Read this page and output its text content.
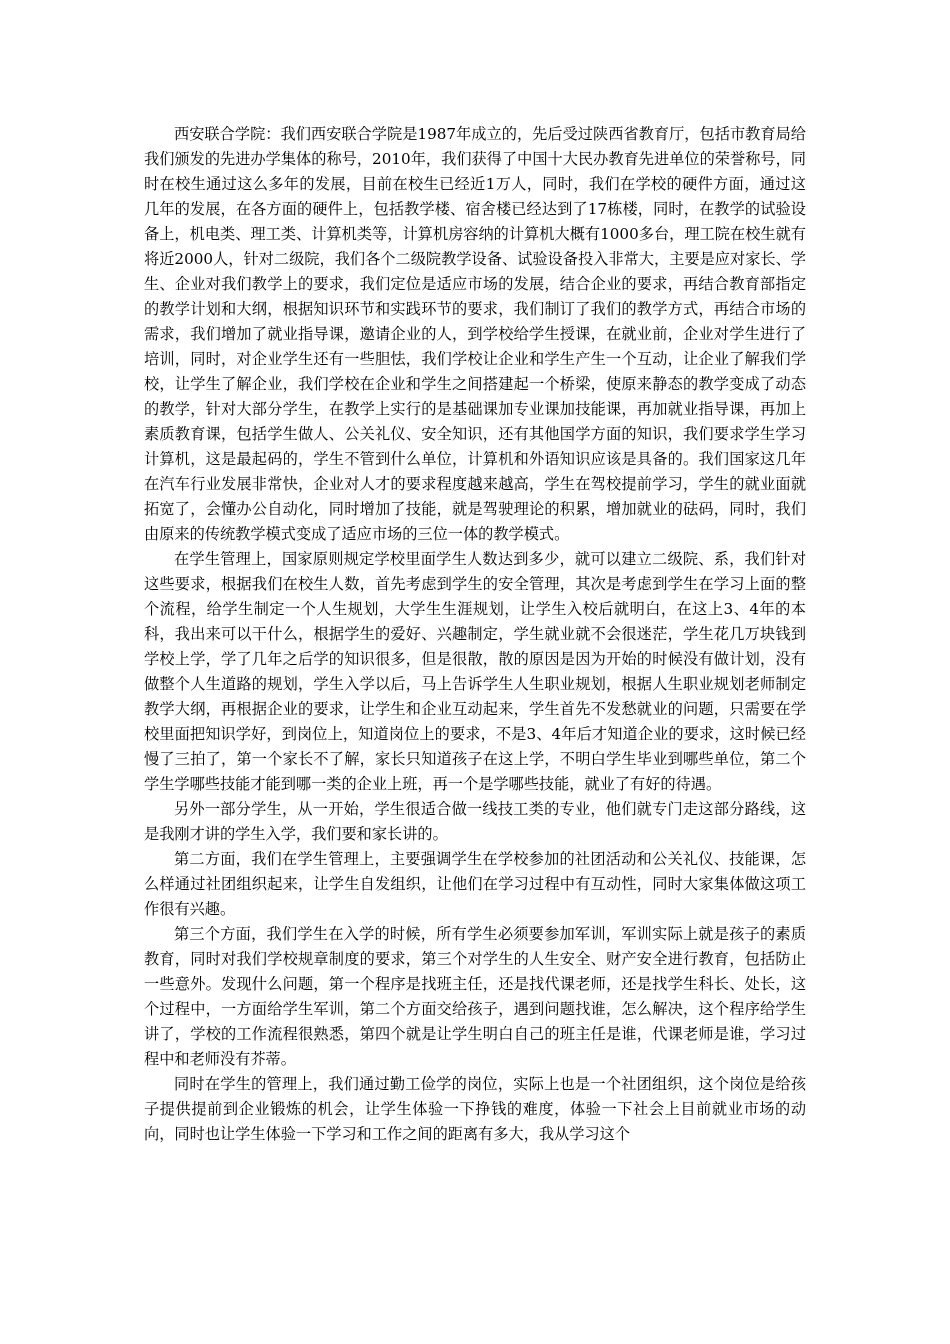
西安联合学院：我们西安联合学院是1987年成立的，先后受过陕西省教育厅，包括市教育局给我们颁发的先进办学集体的称号，2010年，我们获得了中国十大民办教育先进单位的荣誉称号，同时在校生通过这么多年的发展，目前在校生已经近1万人，同时，我们在学校的硬件方面，通过这几年的发展，在各方面的硬件上，包括教学楼、宿舍楼已经达到了17栋楼，同时，在教学的试验设备上，机电类、理工类、计算机类等，计算机房容纳的计算机大概有1000多台，理工院在校生就有将近2000人，针对二级院，我们各个二级院教学设备、试验设备投入非常大，主要是应对家长、学生、企业对我们教学上的要求，我们定位是适应市场的发展，结合企业的要求，再结合教育部指定的教学计划和大纲，根据知识环节和实践环节的要求，我们制订了我们的教学方式，再结合市场的需求，我们增加了就业指导课，邀请企业的人，到学校给学生授课，在就业前，企业对学生进行了培训，同时，对企业学生还有一些胆怯，我们学校让企业和学生产生一个互动，让企业了解我们学校，让学生了解企业，我们学校在企业和学生之间搭建起一个桥梁，使原来静态的教学变成了动态的教学，针对大部分学生，在教学上实行的是基础课加专业课加技能课，再加就业指导课，再加上素质教育课，包括学生做人、公关礼仪、安全知识，还有其他国学方面的知识，我们要求学生学习计算机，这是最起码的，学生不管到什么单位，计算机和外语知识应该是具备的。我们国家这几年在汽车行业发展非常快，企业对人才的要求程度越来越高，学生在驾校提前学习，学生的就业面就拓宽了，会懂办公自动化，同时增加了技能，就是驾驶理论的积累，增加就业的砝码，同时，我们由原来的传统教学模式变成了适应市场的三位一体的教学模式。

在学生管理上，国家原则规定学校里面学生人数达到多少，就可以建立二级院、系，我们针对这些要求，根据我们在校生人数，首先考虑到学生的安全管理，其次是考虑到学生在学习上面的整个流程，给学生制定一个人生规划，大学生生涯规划，让学生入校后就明白，在这上3、4年的本科，我出来可以干什么，根据学生的爱好、兴趣制定，学生就业就不会很迷茫，学生花几万块钱到学校上学，学了几年之后学的知识很多，但是很散，散的原因是因为开始的时候没有做计划，没有做整个人生道路的规划，学生入学以后，马上告诉学生人生职业规划，根据人生职业规划老师制定教学大纲，再根据企业的要求，让学生和企业互动起来，学生首先不发愁就业的问题，只需要在学校里面把知识学好，到岗位上，知道岗位上的要求，不是3、4年后才知道企业的要求，这时候已经慢了三拍了，第一个家长不了解，家长只知道孩子在这上学，不明白学生毕业到哪些单位，第二个学生学哪些技能才能到哪一类的企业上班，再一个是学哪些技能，就业了有好的待遇。

另外一部分学生，从一开始，学生很适合做一线技工类的专业，他们就专门走这部分路线，这是我刚才讲的学生入学，我们要和家长讲的。

第二方面，我们在学生管理上，主要强调学生在学校参加的社团活动和公关礼仪、技能课，怎么样通过社团组织起来，让学生自发组织，让他们在学习过程中有互动性，同时大家集体做这项工作很有兴趣。

第三个方面，我们学生在入学的时候，所有学生必须要参加军训，军训实际上就是孩子的素质教育，同时对我们学校规章制度的要求，第三个对学生的人生安全、财产安全进行教育，包括防止一些意外。发现什么问题，第一个程序是找班主任，还是找代课老师，还是找学生科长、处长，这个过程中，一方面给学生军训，第二个方面交给孩子，遇到问题找谁，怎么解决，这个程序给学生讲了，学校的工作流程很熟悉，第四个就是让学生明白自己的班主任是谁，代课老师是谁，学习过程中和老师没有芥蒂。

同时在学生的管理上，我们通过勤工俭学的岗位，实际上也是一个社团组织，这个岗位是给孩子提供提前到企业锻炼的机会，让学生体验一下挣钱的难度，体验一下社会上目前就业市场的动向，同时也让学生体验一下学习和工作之间的距离有多大，我从学习这个
